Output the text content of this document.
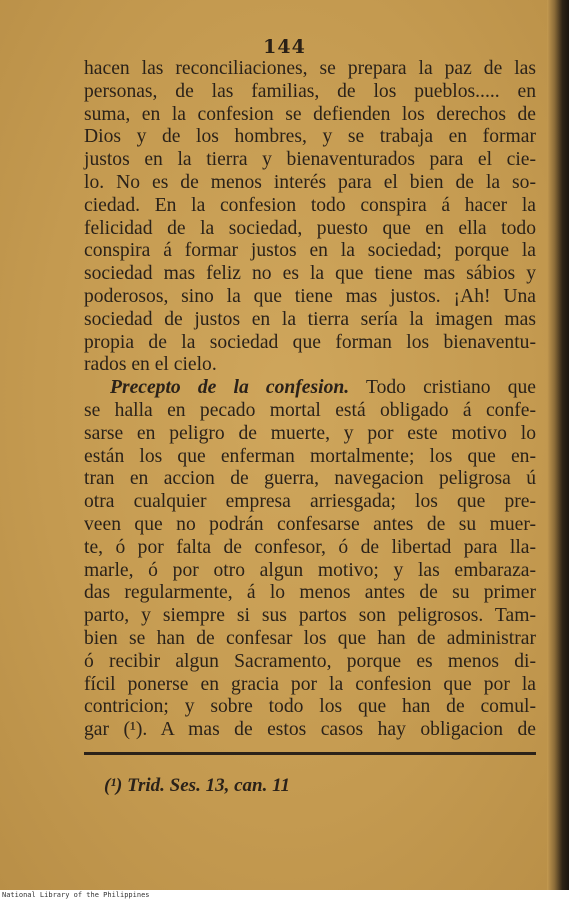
144
hacen las reconciliaciones, se prepara la paz de las
personas, de las familias, de los pueblos..... en
suma, en la confesion se defienden los derechos de
Dios y de los hombres, y se trabaja en formar
justos en la tierra y bienaventurados para el cie-
lo. No es de menos interés para el bien de la so-
ciedad. En la confesion todo conspira á hacer la
felicidad de la sociedad, puesto que en ella todo
conspira á formar justos en la sociedad; porque la
sociedad mas feliz no es la que tiene mas sábios y
poderosos, sino la que tiene mas justos. ¡Ah! Una
sociedad de justos en la tierra sería la imagen mas
propia de la sociedad que forman los bienaventu-
rados en el cielo.
Precepto de la confesion. Todo cristiano que
se halla en pecado mortal está obligado á confe-
sarse en peligro de muerte, y por este motivo lo
están los que enferman mortalmente; los que en-
tran en accion de guerra, navegacion peligrosa ú
otra cualquier empresa arriesgada; los que pre-
veen que no podrán confesarse antes de su muer-
te, ó por falta de confesor, ó de libertad para lla-
marle, ó por otro algun motivo; y las embaraza-
das regularmente, á lo menos antes de su primer
parto, y siempre si sus partos son peligrosos. Tam-
bien se han de confesar los que han de administrar
ó recibir algun Sacramento, porque es menos di-
fícil ponerse en gracia por la confesion que por la
contricion; y sobre todo los que han de comul-
gar (¹). A mas de estos casos hay obligacion de
(¹) Trid. Ses. 13, can. 11
National Library of the Philippines
